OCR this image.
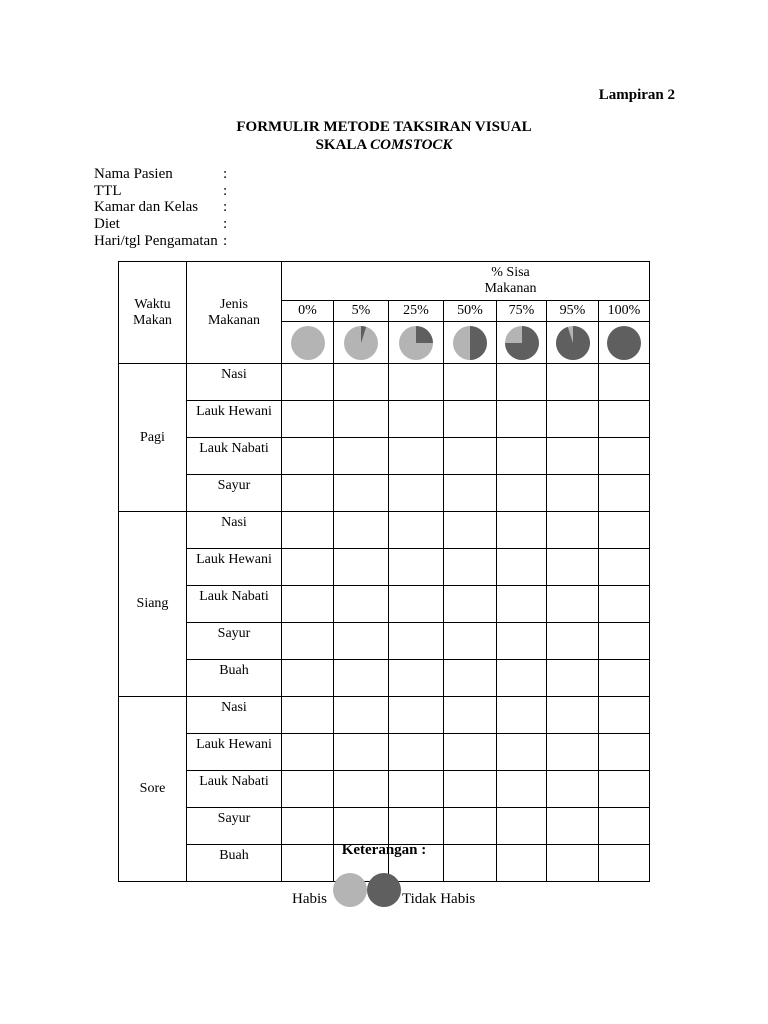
Lampiran 2
FORMULIR METODE TAKSIRAN VISUAL
SKALA COMSTOCK
Nama Pasien	:
TTL	:
Kamar dan Kelas :
Diet	:
Hari/tgl Pengamatan :
Waktu Makan	Jenis Makanan	% Sisa
Makanan						

		0%	5%	25%	50%	75%	95%	100%

Pagi	Nasi							
	Lauk Hewani							
	Lauk Nabati							
	Sayur							
Siang	Nasi							
	Lauk Hewani							
	Lauk Nabati							
	Sayur							
	Buah							
Sore	Nasi							
	Lauk Hewani							
	Lauk Nabati							
	Sayur							
	Buah								Keterangan :
Habis	Tidak Habis
